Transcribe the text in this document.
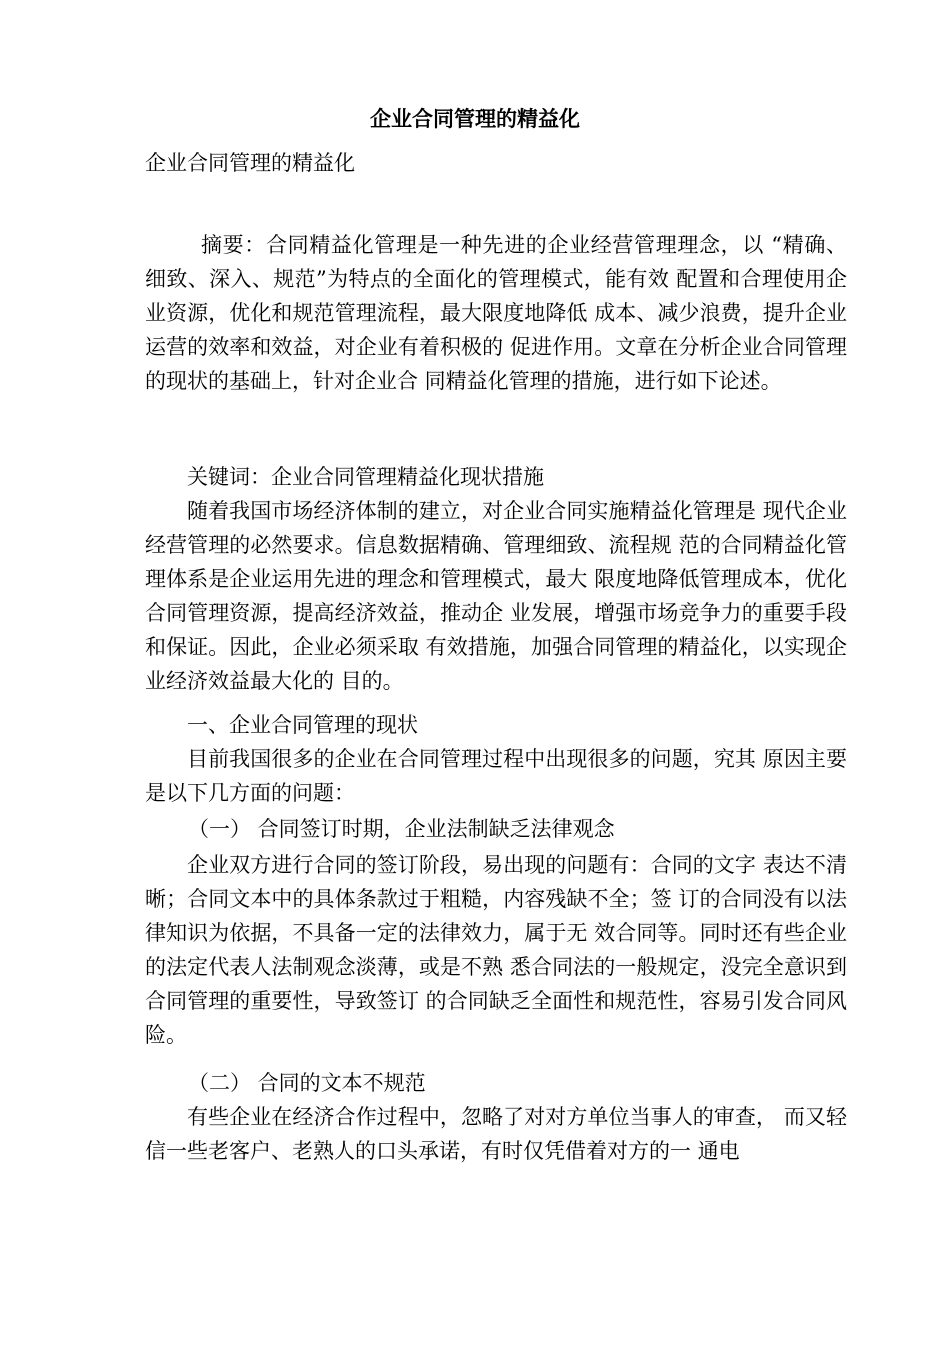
企业合同管理的精益化
企业合同管理的精益化
摘要：合同精益化管理是一种先进的企业经营管理理念，以 “精确、细致、深入、规范”为特点的全面化的管理模式，能有效 配置和合理使用企业资源，优化和规范管理流程，最大限度地降低 成本、减少浪费，提升企业运营的效率和效益，对企业有着积极的 促进作用。文章在分析企业合同管理的现状的基础上，针对企业合 同精益化管理的措施，进行如下论述。
关键词：企业合同管理精益化现状措施
随着我国市场经济体制的建立，对企业合同实施精益化管理是 现代企业经营管理的必然要求。信息数据精确、管理细致、流程规 范的合同精益化管理体系是企业运用先进的理念和管理模式，最大 限度地降低管理成本，优化合同管理资源，提高经济效益，推动企 业发展，增强市场竞争力的重要手段和保证。因此，企业必须采取 有效措施，加强合同管理的精益化，以实现企业经济效益最大化的 目的。
一、企业合同管理的现状
目前我国很多的企业在合同管理过程中出现很多的问题，究其 原因主要是以下几方面的问题：
（一） 合同签订时期，企业法制缺乏法律观念
企业双方进行合同的签订阶段，易出现的问题有：合同的文字 表达不清晰；合同文本中的具体条款过于粗糙，内容残缺不全；签 订的合同没有以法律知识为依据，不具备一定的法律效力，属于无 效合同等。同时还有些企业的法定代表人法制观念淡薄，或是不熟 悉合同法的一般规定，没完全意识到合同管理的重要性，导致签订 的合同缺乏全面性和规范性，容易引发合同风险。
（二） 合同的文本不规范
有些企业在经济合作过程中，忽略了对对方单位当事人的审查， 而又轻信一些老客户、老熟人的口头承诺，有时仅凭借着对方的一 通电
